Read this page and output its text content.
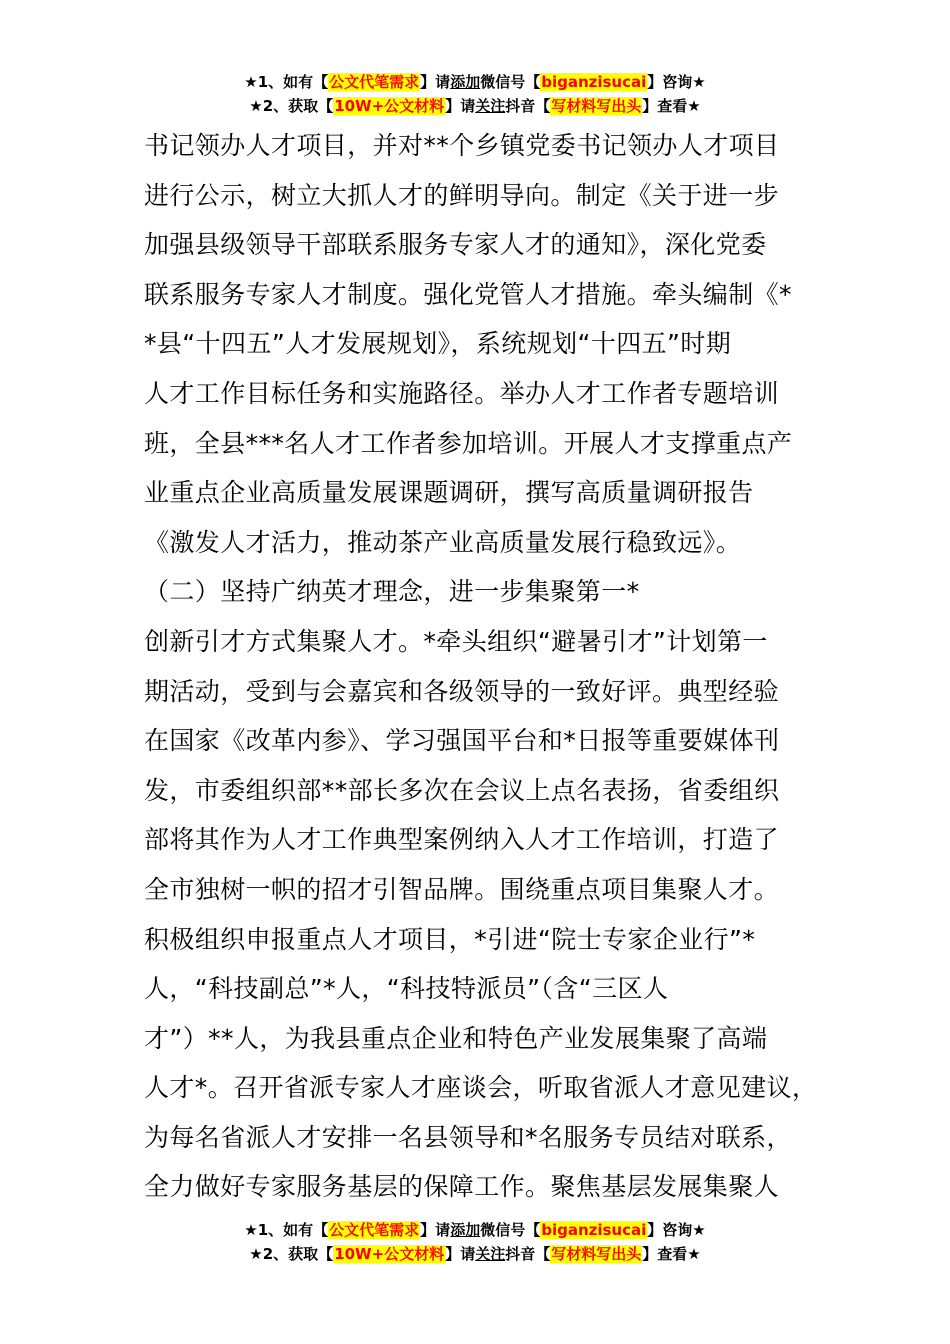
★1、如有【公文代笔需求】请添加微信号【biganzisucai】咨询★
★2、获取【10W+公文材料】请关注抖音【写材料写出头】查看★
书记领办人才项目，并对**个乡镇党委书记领办人才项目
进行公示，树立大抓人才的鲜明导向。制定《关于进一步
加强县级领导干部联系服务专家人才的通知》，深化党委
联系服务专家人才制度。强化党管人才措施。牵头编制《*
*县“十四五”人才发展规划》，系统规划“十四五”时期
人才工作目标任务和实施路径。举办人才工作者专题培训
班，全县***名人才工作者参加培训。开展人才支撑重点产
业重点企业高质量发展课题调研，撰写高质量调研报告
《激发人才活力，推动茶产业高质量发展行稳致远》。
（二）坚持广纳英才理念，进一步集聚第一*
创新引才方式集聚人才。*牵头组织“避暑引才”计划第一
期活动，受到与会嘉宾和各级领导的一致好评。典型经验
在国家《改革内参》、学习强国平台和*日报等重要媒体刊
发，市委组织部**部长多次在会议上点名表扬，省委组织
部将其作为人才工作典型案例纳入人才工作培训，打造了
全市独树一帜的招才引智品牌。围绕重点项目集聚人才。
积极组织申报重点人才项目，*引进“院士专家企业行”*
人，“科技副总”*人，“科技特派员”（含“三区人
才”）**人，为我县重点企业和特色产业发展集聚了高端
人才*。召开省派专家人才座谈会，听取省派人才意见建议，
为每名省派人才安排一名县领导和*名服务专员结对联系，
全力做好专家服务基层的保障工作。聚焦基层发展集聚人
★1、如有【公文代笔需求】请添加微信号【biganzisucai】咨询★
★2、获取【10W+公文材料】请关注抖音【写材料写出头】查看★
